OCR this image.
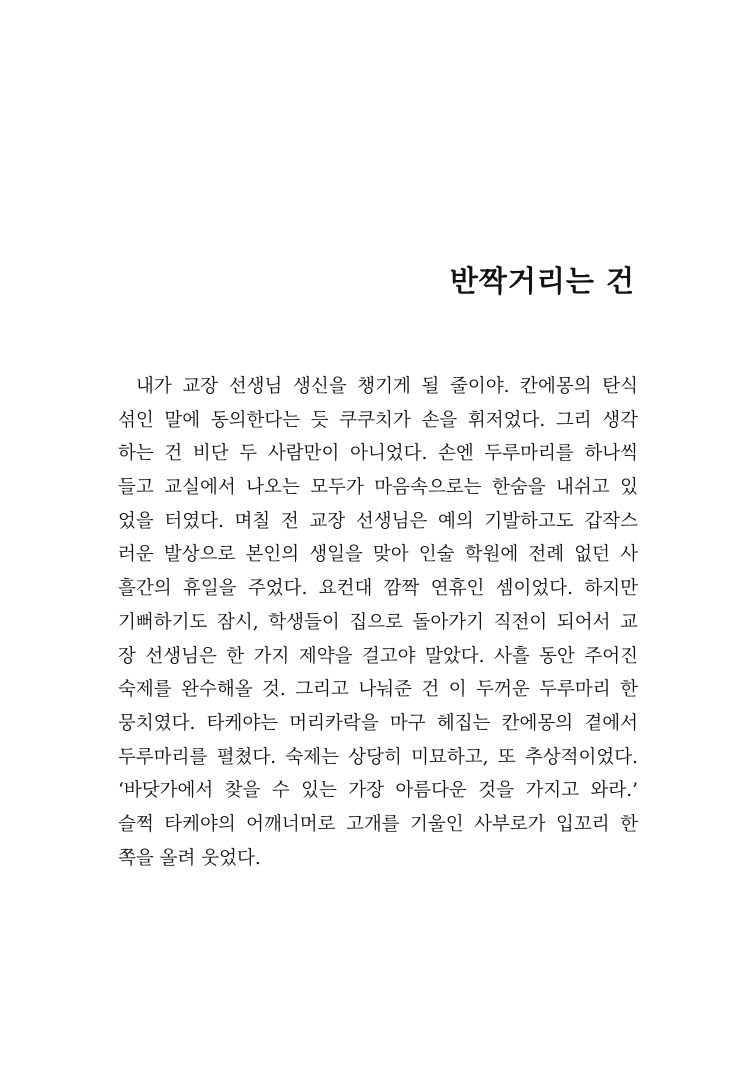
반짝거리는 건
내가 교장 선생님 생신을 챙기게 될 줄이야. 칸에몽의 탄식
섞인 말에 동의한다는 듯 쿠쿠치가 손을 휘저었다. 그리 생각
하는 건 비단 두 사람만이 아니었다. 손엔 두루마리를 하나씩
들고 교실에서 나오는 모두가 마음속으로는 한숨을 내쉬고 있
었을 터였다. 며칠 전 교장 선생님은 예의 기발하고도 갑작스
러운 발상으로 본인의 생일을 맞아 인술 학원에 전례 없던 사
흘간의 휴일을 주었다. 요컨대 깜짝 연휴인 셈이었다. 하지만
기뻐하기도 잠시, 학생들이 집으로 돌아가기 직전이 되어서 교
장 선생님은 한 가지 제약을 걸고야 말았다. 사흘 동안 주어진
숙제를 완수해올 것. 그리고 나눠준 건 이 두꺼운 두루마리 한
뭉치였다. 타케야는 머리카락을 마구 헤집는 칸에몽의 곁에서
두루마리를 펼쳤다. 숙제는 상당히 미묘하고, 또 추상적이었다.
‘바닷가에서 찾을 수 있는 가장 아름다운 것을 가지고 와라.’
슬쩍 타케야의 어깨너머로 고개를 기울인 사부로가 입꼬리 한
쪽을 올려 웃었다.
